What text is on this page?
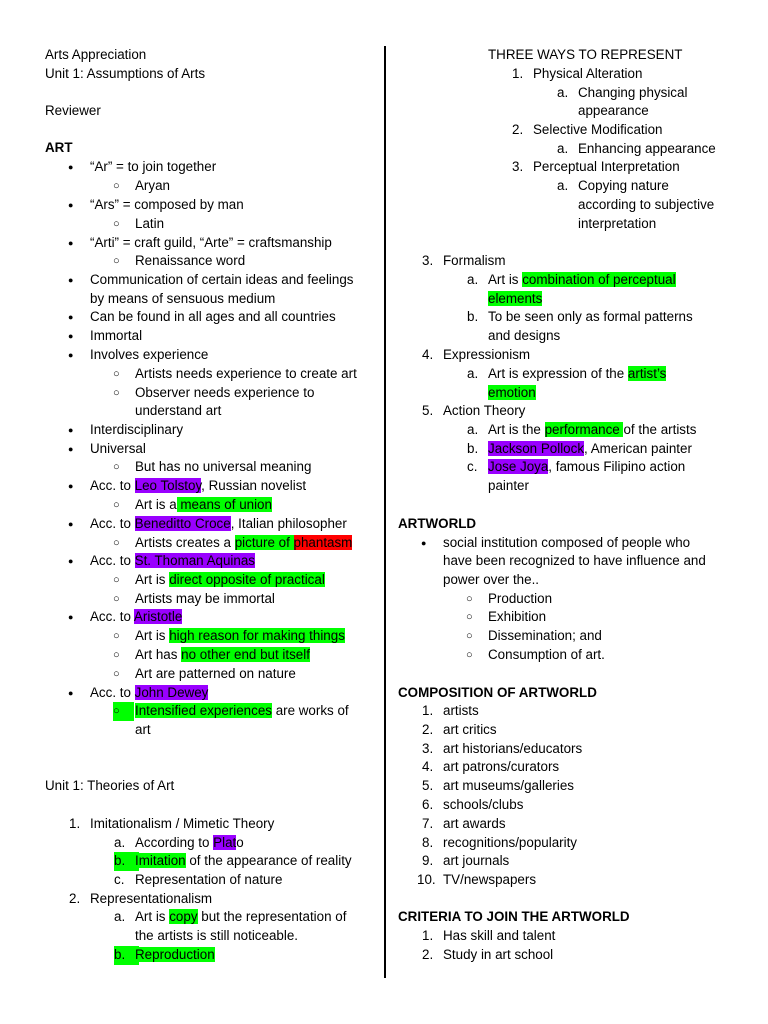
Arts Appreciation
Unit 1: Assumptions of Arts
Reviewer
ART
● “Ar” = to join together
○ Aryan
● “Ars” = composed by man
○ Latin
● “Arti” = craft guild, “Arte” = craftsmanship
○ Renaissance word
● Communication of certain ideas and feelings
by means of sensuous medium
● Can be found in all ages and all countries
● Immortal
● Involves experience
○ Artists needs experience to create art
○ Observer needs experience to
understand art
● Interdisciplinary
● Universal
○ But has no universal meaning
● Acc. to Leo Tolstoy, Russian novelist
○ Art is a means of union
● Acc. to Beneditto Croce, Italian philosopher
○ Artists creates a picture of phantasm
● Acc. to St. Thoman Aquinas
○ Art is direct opposite of practical
○ Artists may be immortal
● Acc. to Aristotle
○ Art is high reason for making things
○ Art has no other end but itself
○ Art are patterned on nature
● Acc. to John Dewey
○	Intensified experiences are works of
art
Unit 1: Theories of Art
1. Imitationalism / Mimetic Theory
a. According to Plato
b. Imitation of the appearance of reality
c. Representation of nature
2. Representationalism
a. Art is copy but the representation of
the artists is still noticeable.
b. Reproduction
THREE WAYS TO REPRESENT
1. Physical Alteration
a. Changing physical
appearance
2. Selective Modification
a. Enhancing appearance
3. Perceptual Interpretation
a. Copying nature
according to subjective
interpretation
3. Formalism
a. Art is combination of perceptual
elements
b. To be seen only as formal patterns
and designs
4. Expressionism
a. Art is expression of the artist’s
emotion
5. Action Theory
a. Art is the performance of the artists
b. Jackson Pollock, American painter
c. Jose Joya, famous Filipino action
painter
ARTWORLD
● social institution composed of people who
have been recognized to have influence and
power over the..
○ Production
○ Exhibition
○ Dissemination; and
○ Consumption of art.
COMPOSITION OF ARTWORLD
1. artists
2. art critics
3. art historians/educators
4. art patrons/curators
5. art museums/galleries
6. schools/clubs
7. art awards
8. recognitions/popularity
9. art journals
10. TV/newspapers
CRITERIA TO JOIN THE ARTWORLD
1. Has skill and talent
2. Study in art school
